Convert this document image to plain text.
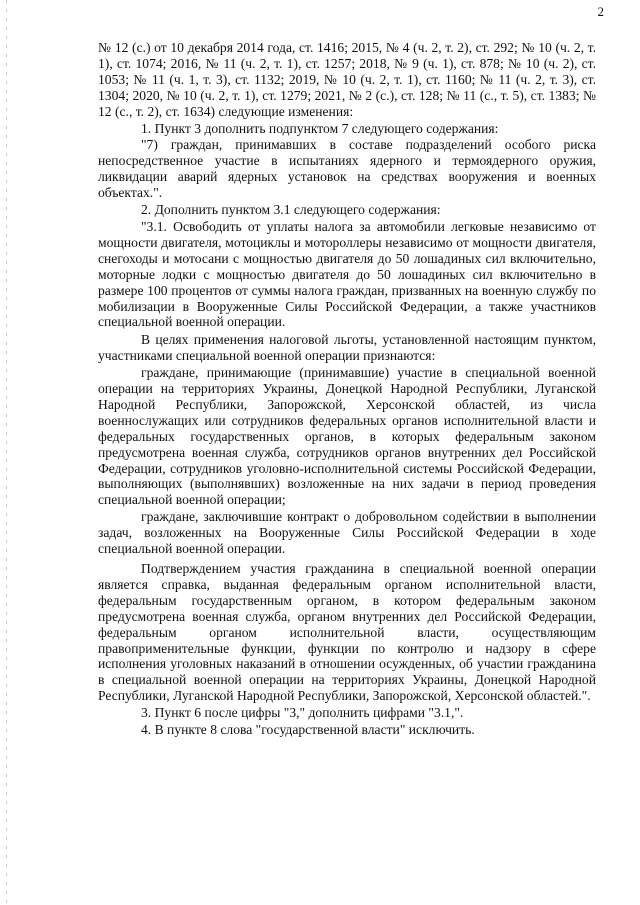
2

№ 12 (с.) от 10 декабря 2014 года, ст. 1416; 2015, № 4 (ч. 2, т. 2), ст. 292; № 10 (ч. 2, т. 1), ст. 1074; 2016, № 11 (ч. 2, т. 1), ст. 1257; 2018, № 9 (ч. 1), ст. 878; № 10 (ч. 2), ст. 1053; № 11 (ч. 1, т. 3), ст. 1132; 2019, № 10 (ч. 2, т. 1), ст. 1160; № 11 (ч. 2, т. 3), ст. 1304; 2020, № 10 (ч. 2, т. 1), ст. 1279; 2021, № 2 (с.), ст. 128; № 11 (с., т. 5), ст. 1383; № 12 (с., т. 2), ст. 1634) следующие изменения:

1. Пункт 3 дополнить подпунктом 7 следующего содержания:

"7) граждан, принимавших в составе подразделений особого риска непосредственное участие в испытаниях ядерного и термоядерного оружия, ликвидации аварий ядерных установок на средствах вооружения и военных объектах.".

2. Дополнить пунктом 3.1 следующего содержания:

"3.1. Освободить от уплаты налога за автомобили легковые независимо от мощности двигателя, мотоциклы и мотороллеры независимо от мощности двигателя, снегоходы и мотосани с мощностью двигателя до 50 лошадиных сил включительно, моторные лодки с мощностью двигателя до 50 лошадиных сил включительно в размере 100 процентов от суммы налога граждан, призванных на военную службу по мобилизации в Вооруженные Силы Российской Федерации, а также участников специальной военной операции.

В целях применения налоговой льготы, установленной настоящим пунктом, участниками специальной военной операции признаются:

граждане, принимающие (принимавшие) участие в специальной военной операции на территориях Украины, Донецкой Народной Республики, Луганской Народной Республики, Запорожской, Херсонской областей, из числа военнослужащих или сотрудников федеральных органов исполнительной власти и федеральных государственных органов, в которых федеральным законом предусмотрена военная служба, сотрудников органов внутренних дел Российской Федерации, сотрудников уголовно-исполнительной системы Российской Федерации, выполняющих (выполнявших) возложенные на них задачи в период проведения специальной военной операции;

граждане, заключившие контракт о добровольном содействии в выполнении задач, возложенных на Вооруженные Силы Российской Федерации в ходе специальной военной операции.

Подтверждением участия гражданина в специальной военной операции является справка, выданная федеральным органом исполнительной власти, федеральным государственным органом, в котором федеральным законом предусмотрена военная служба, органом внутренних дел Российской Федерации, федеральным органом исполнительной власти, осуществляющим правоприменительные функции, функции по контролю и надзору в сфере исполнения уголовных наказаний в отношении осужденных, об участии гражданина в специальной военной операции на территориях Украины, Донецкой Народной Республики, Луганской Народной Республики, Запорожской, Херсонской областей.".

3. Пункт 6 после цифры "3," дополнить цифрами "3.1,".

4. В пункте 8 слова "государственной власти" исключить.
